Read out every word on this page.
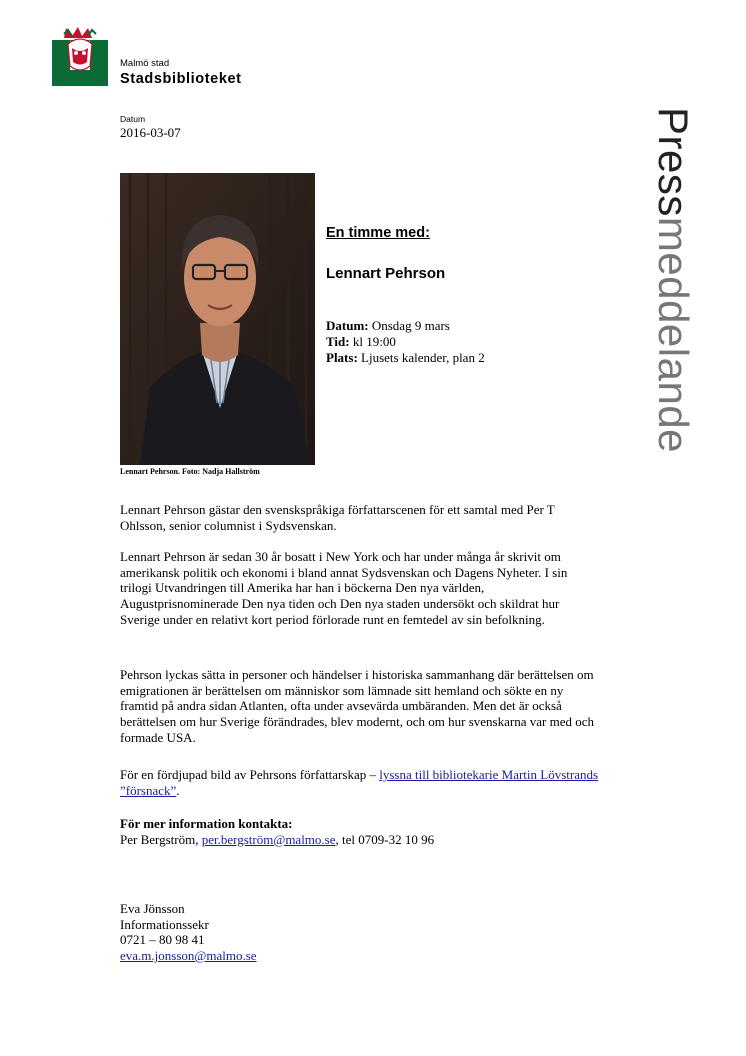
Malmö stad
Stadsbiblioteket
Datum
2016-03-07	Pressmeddelande
Lennart Pehrson. Foto: Nadja Hallström
En timme med:
Lennart Pehrson
Datum: Onsdag 9 mars
Tid: kl 19:00
Plats: Ljusets kalender, plan 2

Lennart Pehrson gästar den svenskspråkiga författarscenen för ett samtal med Per T Ohlsson, senior columnist i Sydsvenskan.

Lennart Pehrson är sedan 30 år bosatt i New York och har under många år skrivit om amerikansk politik och ekonomi i bland annat Sydsvenskan och Dagens Nyheter. I sin trilogi Utvandringen till Amerika har han i böckerna Den nya världen, Augustprisnominerade Den nya tiden och Den nya staden undersökt och skildrat hur Sverige under en relativt kort period förlorade runt en femtedel av sin befolkning.

Pehrson lyckas sätta in personer och händelser i historiska sammanhang där berättelsen om emigrationen är berättelsen om människor som lämnade sitt hemland och sökte en ny framtid på andra sidan Atlanten, ofta under avsevärda umbäranden. Men det är också berättelsen om hur Sverige förändrades, blev modernt, och om hur svenskarna var med och formade USA.

För en fördjupad bild av Pehrsons författarskap – lyssna till bibliotekarie Martin Lövstrands ”försnack”.

För mer information kontakta:
Per Bergström, per.bergström@malmo.se, tel 0709-32 10 96
Eva Jönsson
Informationssekr
0721 – 80 98 41
eva.m.jonsson@malmo.se
